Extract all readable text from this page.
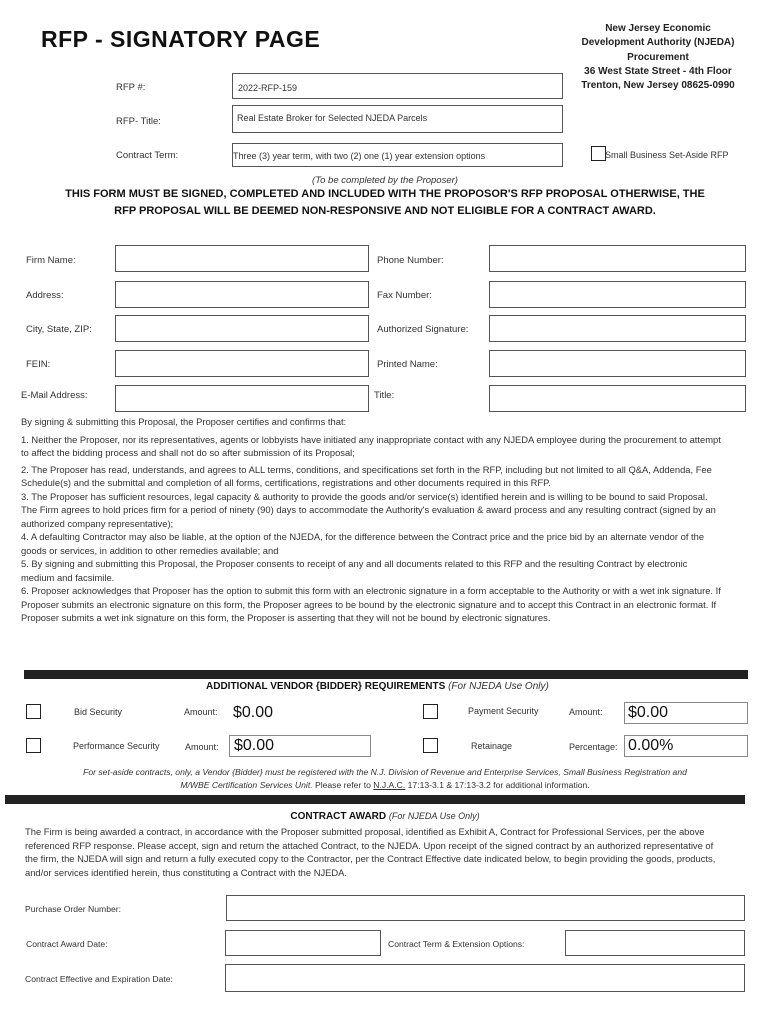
RFP - SIGNATORY PAGE	New Jersey Economic
Development Authority (NJEDA)
Procurement
36 West State Street - 4th Floor
Trenton, New Jersey 08625-0990
RFP #:	2022-RFP-159
RFP- Title:	Real Estate Broker for Selected NJEDA Parcels
Contract Term:	Three (3) year term, with two (2) one (1) year extension options	Small Business Set-Aside RFP
(To be completed by the Proposer)
THIS FORM MUST BE SIGNED, COMPLETED AND INCLUDED WITH THE PROPOSOR'S RFP PROPOSAL OTHERWISE, THE
RFP PROPOSAL WILL BE DEEMED NON-RESPONSIVE AND NOT ELIGIBLE FOR A CONTRACT AWARD.
Firm Name:	Phone Number:
Address:	Fax Number:
City, State, ZIP:	Authorized Signature:
FEIN:	Printed Name:
E-Mail Address:	Title:

By signing & submitting this Proposal, the Proposer certifies and confirms that:

1. Neither the Proposer, nor its representatives, agents or lobbyists have initiated any inappropriate contact with any NJEDA employee during the procurement to attempt to affect the bidding process and shall not do so after submission of its Proposal;

2. The Proposer has read, understands, and agrees to ALL terms, conditions, and specifications set forth in the RFP, including but not limited to all Q&A, Addenda, Fee Schedule(s) and the submittal and completion of all forms, certifications, registrations and other documents required in this RFP.

3. The Proposer has sufficient resources, legal capacity & authority to provide the goods and/or service(s) identified herein and is willing to be bound to said Proposal. The Firm agrees to hold prices firm for a period of ninety (90) days to accommodate the Authority's evaluation & award process and any resulting contract (signed by an authorized company representative);

4. A defaulting Contractor may also be liable, at the option of the NJEDA, for the difference between the Contract price and the price bid by an alternate vendor of the goods or services, in addition to other remedies available; and

5. By signing and submitting this Proposal, the Proposer consents to receipt of any and all documents related to this RFP and the resulting Contract by electronic medium and facsimile.

6. Proposer acknowledges that Proposer has the option to submit this form with an electronic signature in a form acceptable to the Authority or with a wet ink signature. If Proposer submits an electronic signature on this form, the Proposer agrees to be bound by the electronic signature and to accept this Contract in an electronic format. If Proposer submits a wet ink signature on this form, the Proposer is asserting that they will not be bound by electronic signatures.

ADDITIONAL VENDOR {BIDDER} REQUIREMENTS (For NJEDA Use Only)
Bid Security	Amount: $0.00	Payment Security	Amount: $0.00
Performance Security	Amount: $0.00	Retainage	Percentage: 0.00%
For set-aside contracts, only, a Vendor {Bidder} must be registered with the N.J. Division of Revenue and Enterprise Services, Small Business Registration and
M/WBE Certification Services Unit. Please refer to N.J.A.C. 17:13-3.1 & 17:13-3.2 for additional information.
CONTRACT AWARD (For NJEDA Use Only)
The Firm is being awarded a contract, in accordance with the Proposer submitted proposal, identified as Exhibit A, Contract for Professional Services, per the above referenced RFP response. Please accept, sign and return the attached Contract, to the NJEDA. Upon receipt of the signed contract by an authorized representative of the firm, the NJEDA will sign and return a fully executed copy to the Contractor, per the Contract Effective date indicated below, to begin providing the goods, products, and/or services identified herein, thus constituting a Contract with the NJEDA.
Purchase Order Number:
Contract Award Date:	Contract Term & Extension Options:
Contract Effective and Expiration Date:
